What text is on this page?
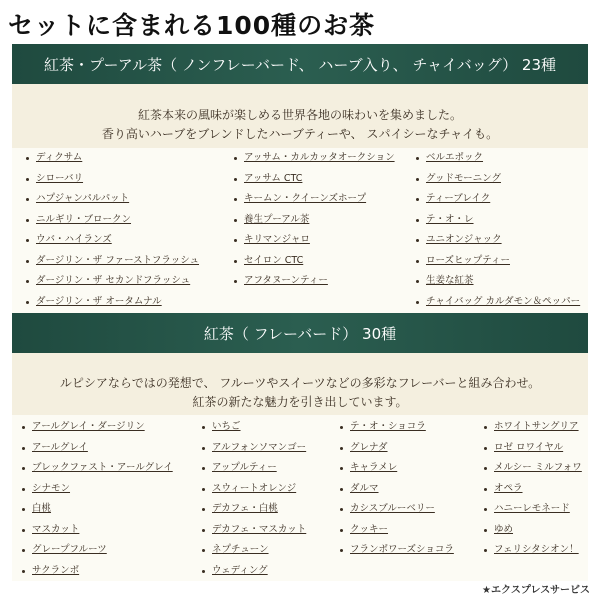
セットに含まれる100種のお茶
紅茶・プーアル茶（ ノンフレーバード、 ハーブ入り、 チャイバッグ） 23種
紅茶本来の風味が楽しめる世界各地の味わいを集めました。
香り高いハーブをブレンドしたハーブティーや、 スパイシーなチャイも。
ディクサム
シローバリ
ハプジャンパルパット
ニルギリ・ブロークン
ウバ・ハイランズ
ダージリン・ザ ファーストフラッシュ
ダージリン・ザ セカンドフラッシュ
ダージリン・ザ オータムナル
アッサム・カルカッタオークション
アッサム CTC
キームン・クイーンズホープ
養生プーアル茶
キリマンジャロ
セイロン CTC
アフタヌーンティー
ベルエポック
グッドモーニング
ティーブレイク
テ・オ・レ
ユニオンジャック
ローズヒップティー
生姜な紅茶
チャイバッグ カルダモン＆ペッパー
紅茶（ フレーバード） 30種
ルピシアならではの発想で、 フルーツやスイーツなどの多彩なフレーバーと組み合わせ。
紅茶の新たな魅力を引き出しています。
アールグレイ・ダージリン
アールグレイ
ブレックファスト・アールグレイ
シナモン
白桃
マスカット
グレープフルーツ
サクランボ
いちご
アルフォンソマンゴー
アップルティー
スウィートオレンジ
デカフェ・白桃
デカフェ・マスカット
ネプチューン
ウェディング
テ・オ・ショコラ
グレナダ
キャラメレ
ダルマ
カシスブルーベリー
クッキー
フランボワーズショコラ
ホワイトサングリア
ロゼ ロワイヤル
メルシー ミルフォワ
オペラ
ハニーレモネード
ゆめ
フェリシタシオン！
★エクスプレスサービス
